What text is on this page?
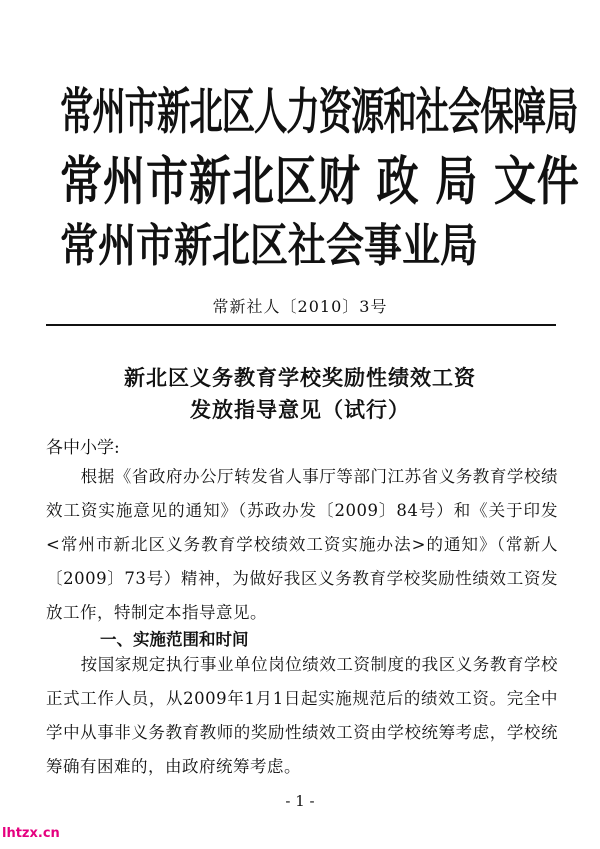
常州市新北区人力资源和社会保障局
常州市新北区财 政 局 文件
常州市新北区社会事业局
常新社人〔2010〕3号
新北区义务教育学校奖励性绩效工资
发放指导意见（试行）
各中小学:
根据《省政府办公厅转发省人事厅等部门江苏省义务教育学校绩效工资实施意见的通知》（苏政办发〔2009〕84号）和《关于印发<常州市新北区义务教育学校绩效工资实施办法>的通知》（常新人〔2009〕73号）精神，为做好我区义务教育学校奖励性绩效工资发放工作，特制定本指导意见。
一、实施范围和时间
按国家规定执行事业单位岗位绩效工资制度的我区义务教育学校正式工作人员，从2009年1月1日起实施规范后的绩效工资。完全中学中从事非义务教育教师的奖励性绩效工资由学校统筹考虑，学校统筹确有困难的，由政府统筹考虑。
- 1 -
lhtzx.cn
